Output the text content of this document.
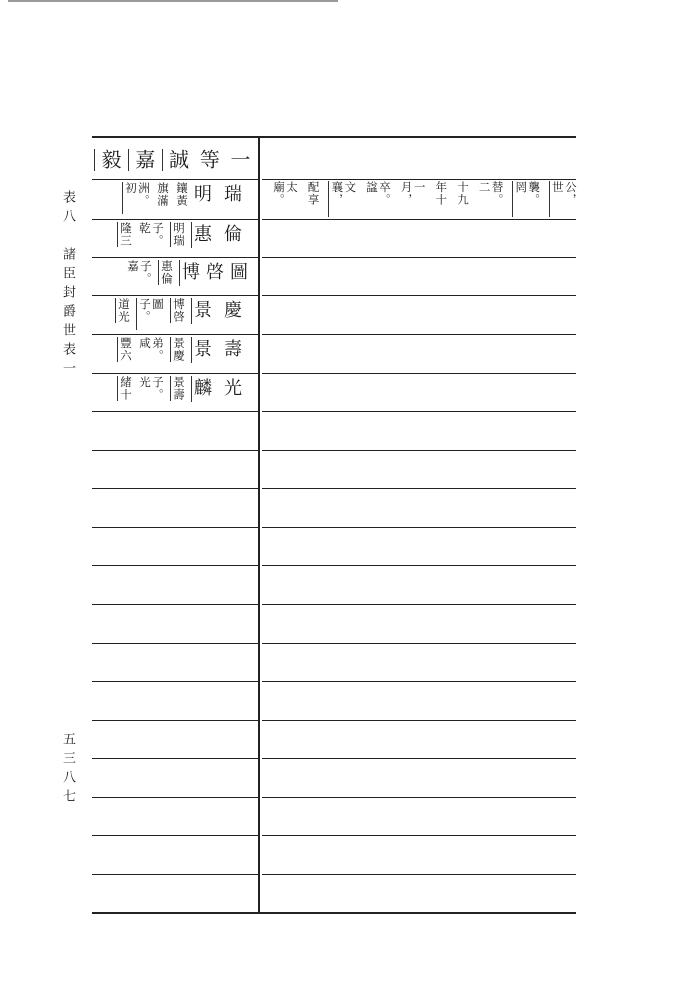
表八　諸臣封爵世表一
五三八七
一
等
誠
嘉
毅
明瑞
鑲黃
旗滿
洲。初
惠倫
明瑞
子。乾
隆三
博啓圖
惠倫
子。嘉
景慶
博啓
圖子。
道光
景壽
景慶
弟。咸
豐六
麟光
景壽
子。光
緒十
公，世
襲。罔
替。二
十九
年十
一月，
卒。諡
文襄，
配享
太廟。
